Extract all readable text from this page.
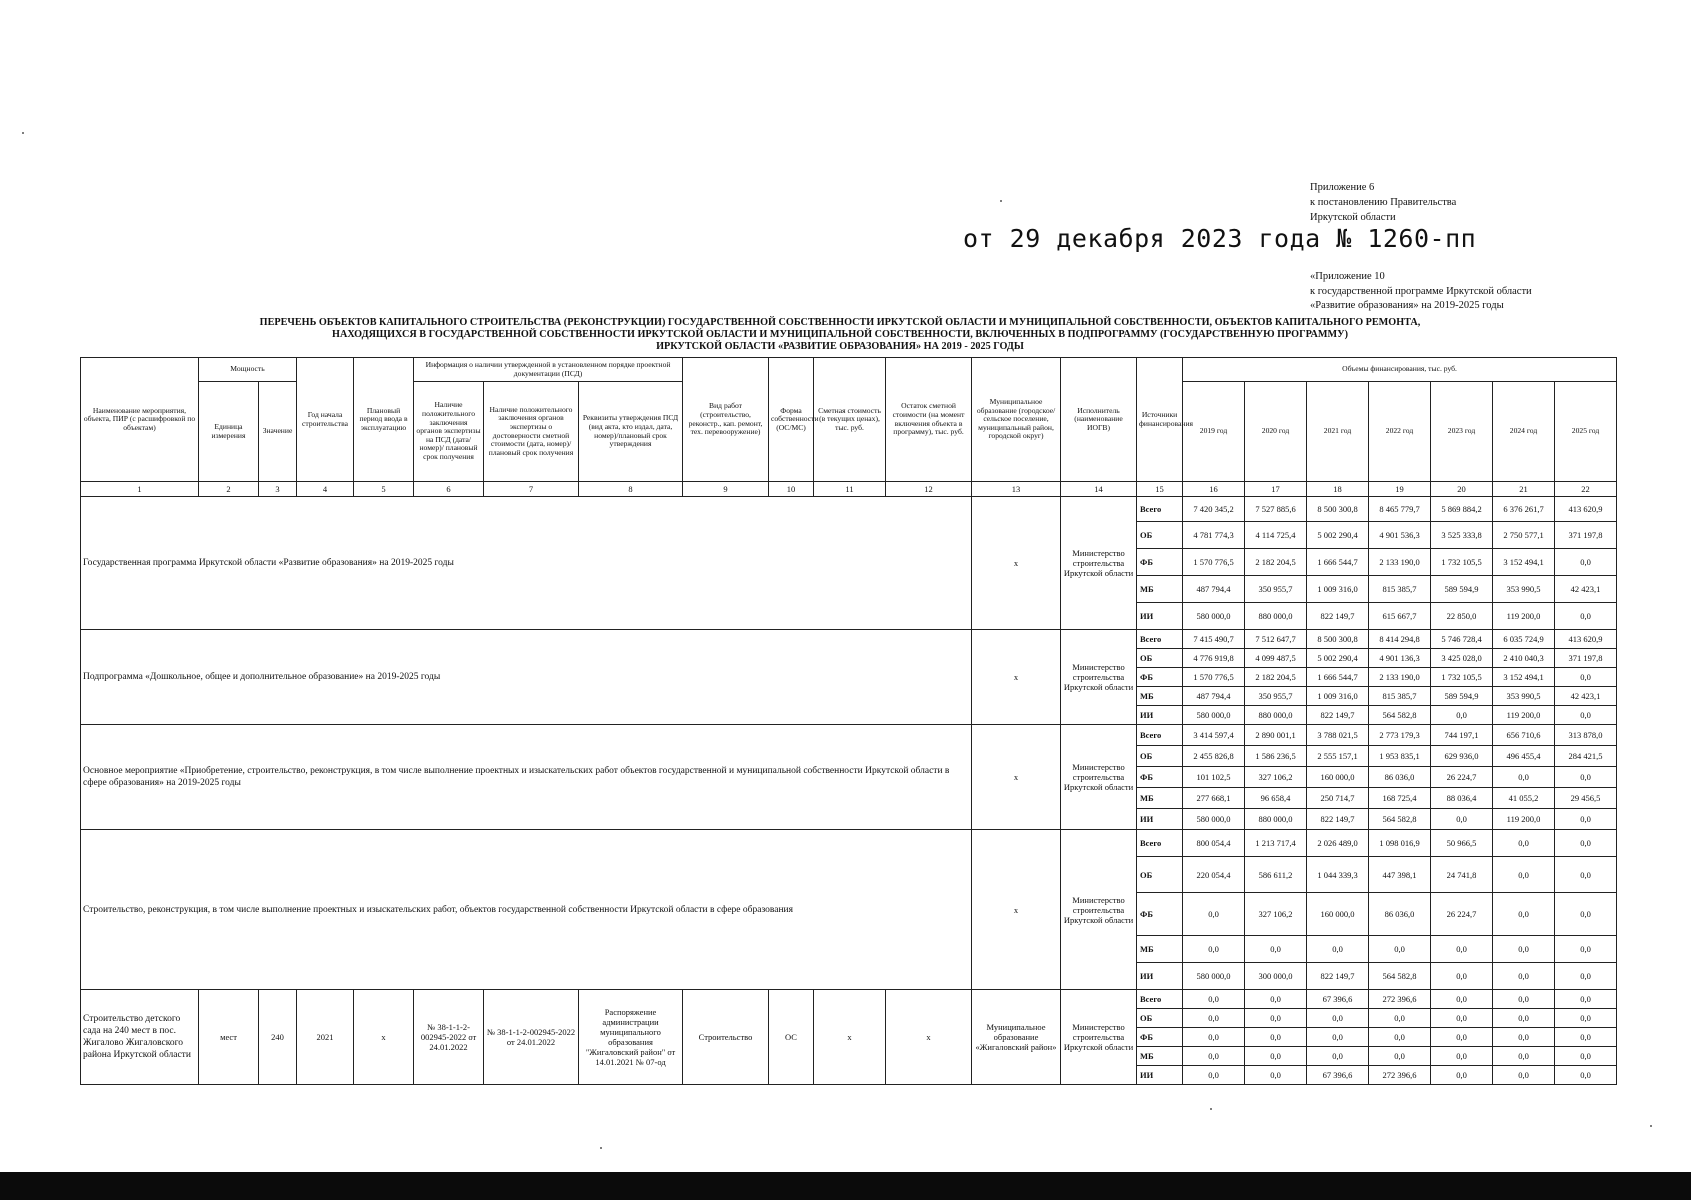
Приложение 6
к постановлению Правительства
Иркутской области
от 29 декабря 2023 года № 1260-пп
«Приложение 10
к государственной программе Иркутской области
«Развитие образования» на 2019-2025 годы
ПЕРЕЧЕНЬ ОБЪЕКТОВ КАПИТАЛЬНОГО СТРОИТЕЛЬСТВА (РЕКОНСТРУКЦИИ) ГОСУДАРСТВЕННОЙ СОБСТВЕННОСТИ ИРКУТСКОЙ ОБЛАСТИ И МУНИЦИПАЛЬНОЙ СОБСТВЕННОСТИ, ОБЪЕКТОВ КАПИТАЛЬНОГО РЕМОНТА,
НАХОДЯЩИХСЯ В ГОСУДАРСТВЕННОЙ СОБСТВЕННОСТИ ИРКУТСКОЙ ОБЛАСТИ И МУНИЦИПАЛЬНОЙ СОБСТВЕННОСТИ, ВКЛЮЧЕННЫХ В ПОДПРОГРАММУ (ГОСУДАРСТВЕННУЮ ПРОГРАММУ)
ИРКУТСКОЙ ОБЛАСТИ «РАЗВИТИЕ ОБРАЗОВАНИЯ» НА 2019 - 2025 ГОДЫ
Наименование мероприятия, объекта, ПИР (с расшифровкой по объектам)	Мощность		Год начала строительства	Плановый период ввода в эксплуатацию	Информация о наличии утвержденной в установленном порядке проектной документации (ПСД)			Вид работ (строительство, реконстр., кап. ремонт, тех. перевооружение)	Форма собственности (ОС/МС)	Сметная стоимость (в текущих ценах), тыс. руб.	Остаток сметной стоимости (на момент включения объекта в программу), тыс. руб.	Муниципальное образование (городское/сельское поселение, муниципальный район, городской округ)	Исполнитель (наименование ИОГВ)	Источники финансирования	Объемы финансирования, тыс. руб.						
	Единица измерения	Значение			Наличие положительного заключения органов экспертизы на ПСД (дата/номер)/ плановый срок получения	Наличие положительного заключения органов экспертизы о достоверности сметной стоимости (дата, номер)/плановый срок получения	Реквизиты утверждения ПСД (вид акта, кто издал, дата, номер)/плановый срок утверждения								2019 год	2020 год	2021 год	2022 год	2023 год	2024 год	2025 год
1	2	3	4	5	6	7	8	9	10	11	12	13	14	15	16	17	18	19	20	21	22
Государственная программа Иркутской области «Развитие образования» на 2019-2025 годы												x	Министерство строительства Иркутской области	Всего	7 420 345,2	7 527 885,6	8 500 300,8	8 465 779,7	5 869 884,2	6 376 261,7	413 620,9
														ОБ	4 781 774,3	4 114 725,4	5 002 290,4	4 901 536,3	3 525 333,8	2 750 577,1	371 197,8
														ФБ	1 570 776,5	2 182 204,5	1 666 544,7	2 133 190,0	1 732 105,5	3 152 494,1	0,0
														МБ	487 794,4	350 955,7	1 009 316,0	815 385,7	589 594,9	353 990,5	42 423,1
														ИИ	580 000,0	880 000,0	822 149,7	615 667,7	22 850,0	119 200,0	0,0
Подпрограмма «Дошкольное, общее и дополнительное образование» на 2019-2025 годы												x	Министерство строительства Иркутской области	Всего	7 415 490,7	7 512 647,7	8 500 300,8	8 414 294,8	5 746 728,4	6 035 724,9	413 620,9
														ОБ	4 776 919,8	4 099 487,5	5 002 290,4	4 901 136,3	3 425 028,0	2 410 040,3	371 197,8
														ФБ	1 570 776,5	2 182 204,5	1 666 544,7	2 133 190,0	1 732 105,5	3 152 494,1	0,0
														МБ	487 794,4	350 955,7	1 009 316,0	815 385,7	589 594,9	353 990,5	42 423,1
														ИИ	580 000,0	880 000,0	822 149,7	564 582,8	0,0	119 200,0	0,0
Основное мероприятие «Приобретение, строительство, реконструкция, в том числе выполнение проектных и изыскательских работ объектов государственной и муниципальной собственности Иркутской области в сфере образования» на 2019-2025 годы												x	Министерство строительства Иркутской области	Всего	3 414 597,4	2 890 001,1	3 788 021,5	2 773 179,3	744 197,1	656 710,6	313 878,0
														ОБ	2 455 826,8	1 586 236,5	2 555 157,1	1 953 835,1	629 936,0	496 455,4	284 421,5
														ФБ	101 102,5	327 106,2	160 000,0	86 036,0	26 224,7	0,0	0,0
														МБ	277 668,1	96 658,4	250 714,7	168 725,4	88 036,4	41 055,2	29 456,5
														ИИ	580 000,0	880 000,0	822 149,7	564 582,8	0,0	119 200,0	0,0
Строительство, реконструкция, в том числе выполнение проектных и изыскательских работ, объектов государственной собственности Иркутской области в сфере образования												x	Министерство строительства Иркутской области	Всего	800 054,4	1 213 717,4	2 026 489,0	1 098 016,9	50 966,5	0,0	0,0
														ОБ	220 054,4	586 611,2	1 044 339,3	447 398,1	24 741,8	0,0	0,0
														ФБ	0,0	327 106,2	160 000,0	86 036,0	26 224,7	0,0	0,0
														МБ	0,0	0,0	0,0	0,0	0,0	0,0	0,0
														ИИ	580 000,0	300 000,0	822 149,7	564 582,8	0,0	0,0	0,0
Строительство детского сада на 240 мест в пос. Жигалово Жигаловского района Иркутской области	мест	240	2021	x	№ 38-1-1-2-002945-2022 от 24.01.2022	№ 38-1-1-2-002945-2022 от 24.01.2022	Распоряжение администрации муниципального образования "Жигаловский район" от 14.01.2021 № 07-од	Строительство	ОС	x	x	Муниципальное образование «Жигаловский район»	Министерство строительства Иркутской области	Всего	0,0	0,0	67 396,6	272 396,6	0,0	0,0	0,0
														ОБ	0,0	0,0	0,0	0,0	0,0	0,0	0,0
														ФБ	0,0	0,0	0,0	0,0	0,0	0,0	0,0
														МБ	0,0	0,0	0,0	0,0	0,0	0,0	0,0
														ИИ	0,0	0,0	67 396,6	272 396,6	0,0	0,0	0,0
